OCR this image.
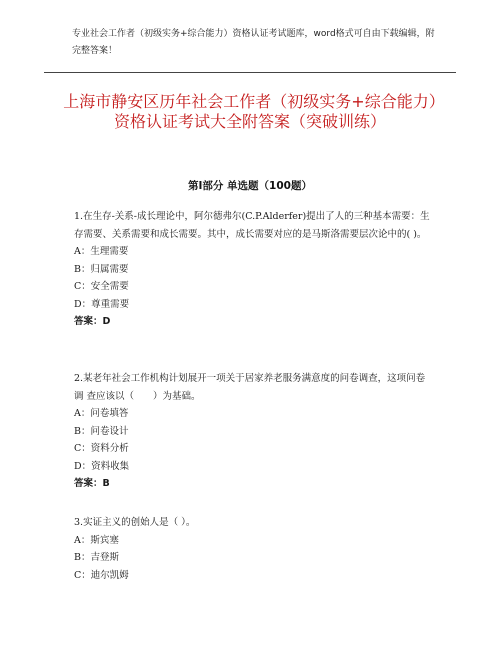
专业社会工作者（初级实务+综合能力）资格认证考试题库，word格式可自由下载编辑，附完整答案！
上海市静安区历年社会工作者（初级实务+综合能力）资格认证考试大全附答案（突破训练）
第Ⅰ部分 单选题（100题）

1.在生存-关系-成长理论中，阿尔德弗尔(C.P.Alderfer)提出了人的三种基本需要：生存需要、关系需要和成长需要。其中，成长需要对应的是马斯洛需要层次论中的( )。

A：生理需要

B：归属需要

C：安全需要

D：尊重需要

答案：D

2.某老年社会工作机构计划展开一项关于居家养老服务满意度的问卷调查，这项问卷调 查应该以（　　）为基础。

A：问卷填答

B：问卷设计

C：资料分析

D：资料收集

答案：B

3.实证主义的创始人是（ ）。

A：斯宾塞

B：吉登斯

C：迪尔凯姆
